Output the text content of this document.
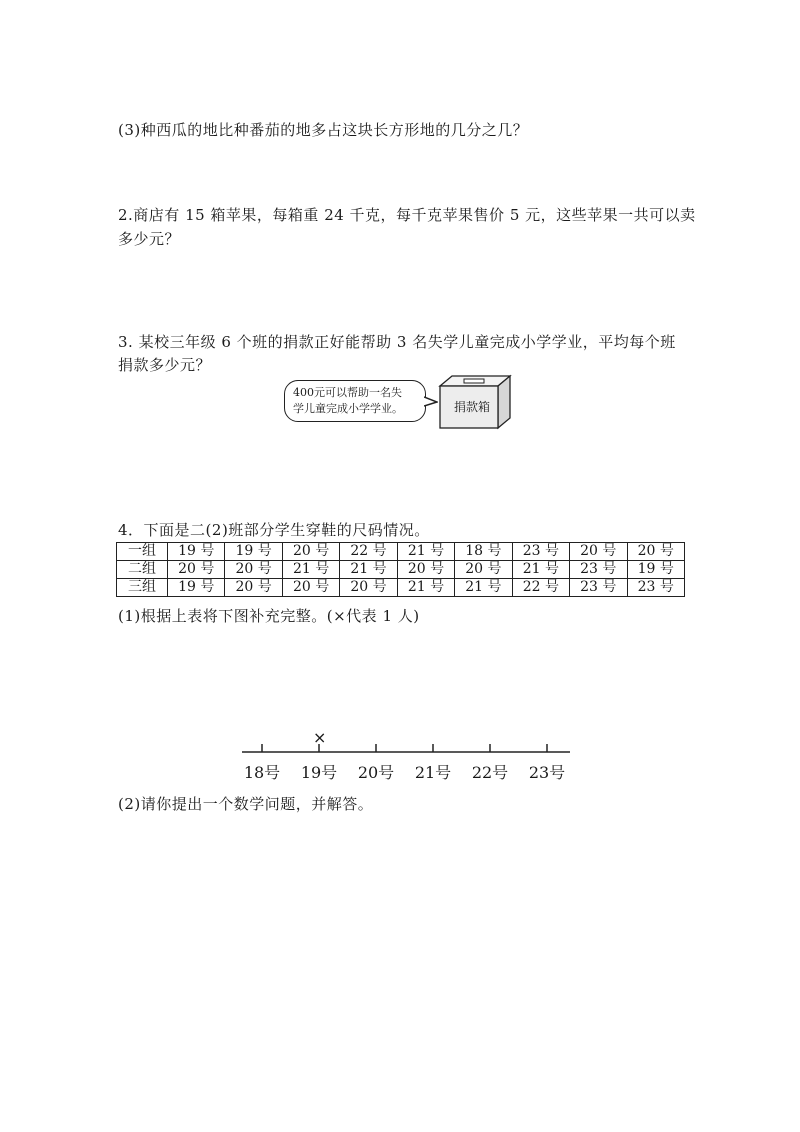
(3)种西瓜的地比种番茄的地多占这块长方形地的几分之几？
2.商店有 15 箱苹果，每箱重 24 千克，每千克苹果售价 5 元，这些苹果一共可以卖
多少元？
3. 某校三年级 6 个班的捐款正好能帮助 3 名失学儿童完成小学学业，平均每个班
捐款多少元？
400元可以帮助一名失
学儿童完成小学学业。	捐款箱
4．下面是二(2)班部分学生穿鞋的尺码情况。
一组	19 号	19 号	20 号	22 号	21 号	18 号	23 号	20 号	20 号
二组	20 号	20 号	21 号	21 号	20 号	20 号	21 号	23 号	19 号
三组	19 号	20 号	20 号	20 号	21 号	21 号	22 号	23 号	23 号
(1)根据上表将下图补充完整。(×代表 1 人)
18号	19号	20号	21号	22号	23号
(2)请你提出一个数学问题，并解答。
×
